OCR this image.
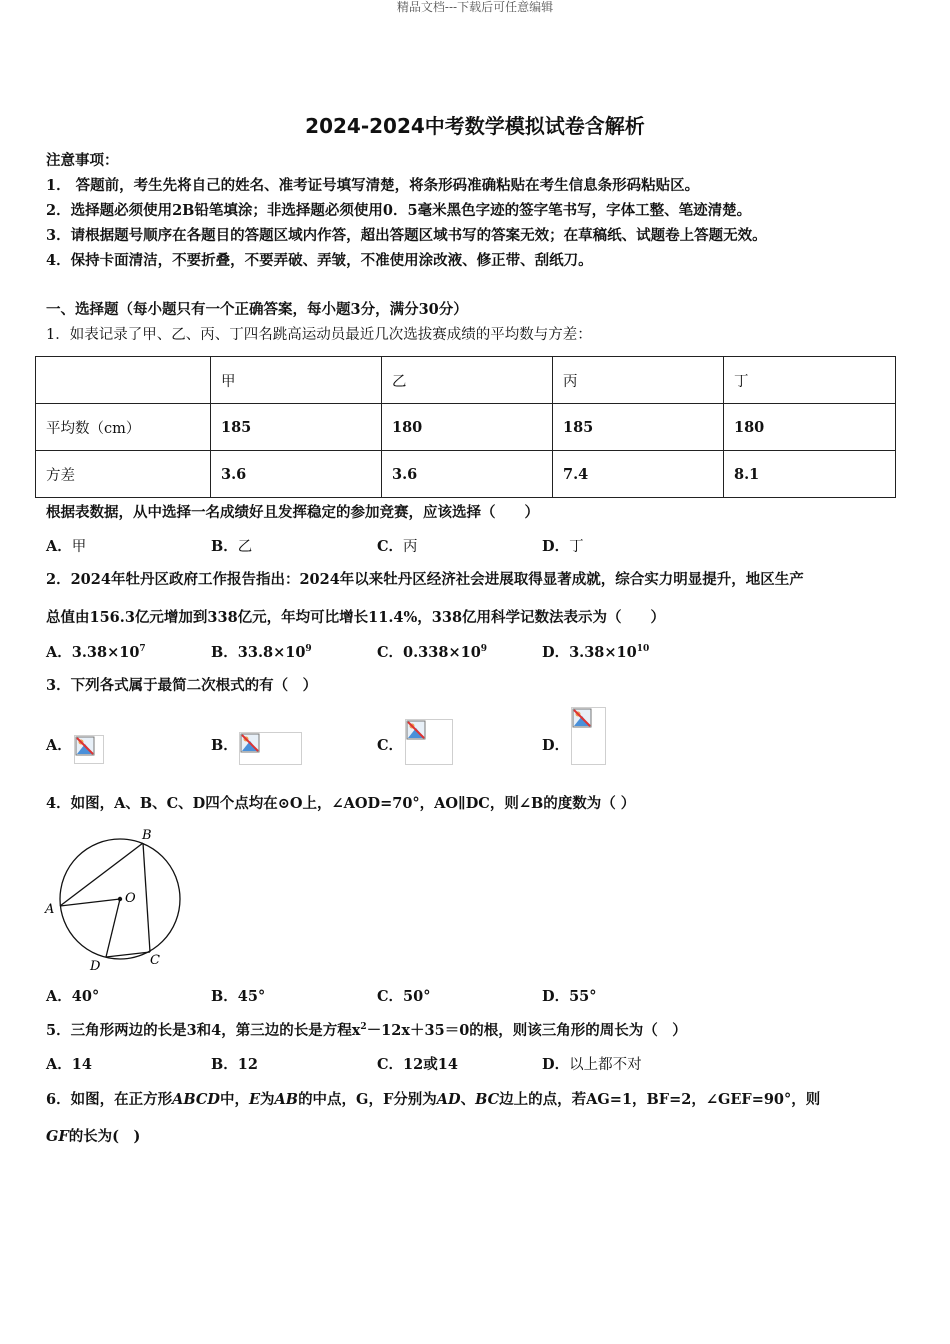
精品文档---下载后可任意编辑
2024-2024中考数学模拟试卷含解析
注意事项：
1． 答题前，考生先将自己的姓名、准考证号填写清楚，将条形码准确粘贴在考生信息条形码粘贴区。
2．选择题必须使用2B铅笔填涂；非选择题必须使用0．5毫米黑色字迹的签字笔书写，字体工整、笔迹清楚。
3．请根据题号顺序在各题目的答题区域内作答，超出答题区域书写的答案无效；在草稿纸、试题卷上答题无效。
4．保持卡面清洁，不要折叠，不要弄破、弄皱，不准使用涂改液、修正带、刮纸刀。
一、选择题（每小题只有一个正确答案，每小题3分，满分30分）
1．如表记录了甲、乙、丙、丁四名跳高运动员最近几次选拔赛成绩的平均数与方差：
	甲	乙	丙	丁
平均数（cm）	185	180	185	180
方差	3.6	3.6	7.4	8.1
根据表数据，从中选择一名成绩好且发挥稳定的参加竞赛，应该选择（　　）
A．甲	B．乙	C．丙	D．丁
2．2024年牡丹区政府工作报告指出：2024年以来牡丹区经济社会进展取得显著成就，综合实力明显提升，地区生产
总值由156.3亿元增加到338亿元，年均可比增长11.4%，338亿用科学记数法表示为（　　）
A．$3.38\times 10^7$	B．$33.8\times 10^9$	C．$0.338\times 10^9$	D．$3.38\times 10^{10}$
3．下列各式属于最简二次根式的有（　）
A．	B．	C．	D．
4．如图，A、B、C、D四个点均在⊙O上，∠AOD=70°，AO∥DC，则∠B的度数为（ ）
A
B
C
D
O
A．40°	B．45°	C．50°	D．55°
5．三角形两边的长是3和4，第三边的长是方程$x^2-12x+35=0$的根，则该三角形的周长为（　）
A．14	B．12	C．12或14	D．以上都不对
6．如图，在正方形ABCD中，E为AB的中点，G，F分别为AD、BC边上的点，若AG=1，BF=2，∠GEF=90°，则
GF的长为(　)
